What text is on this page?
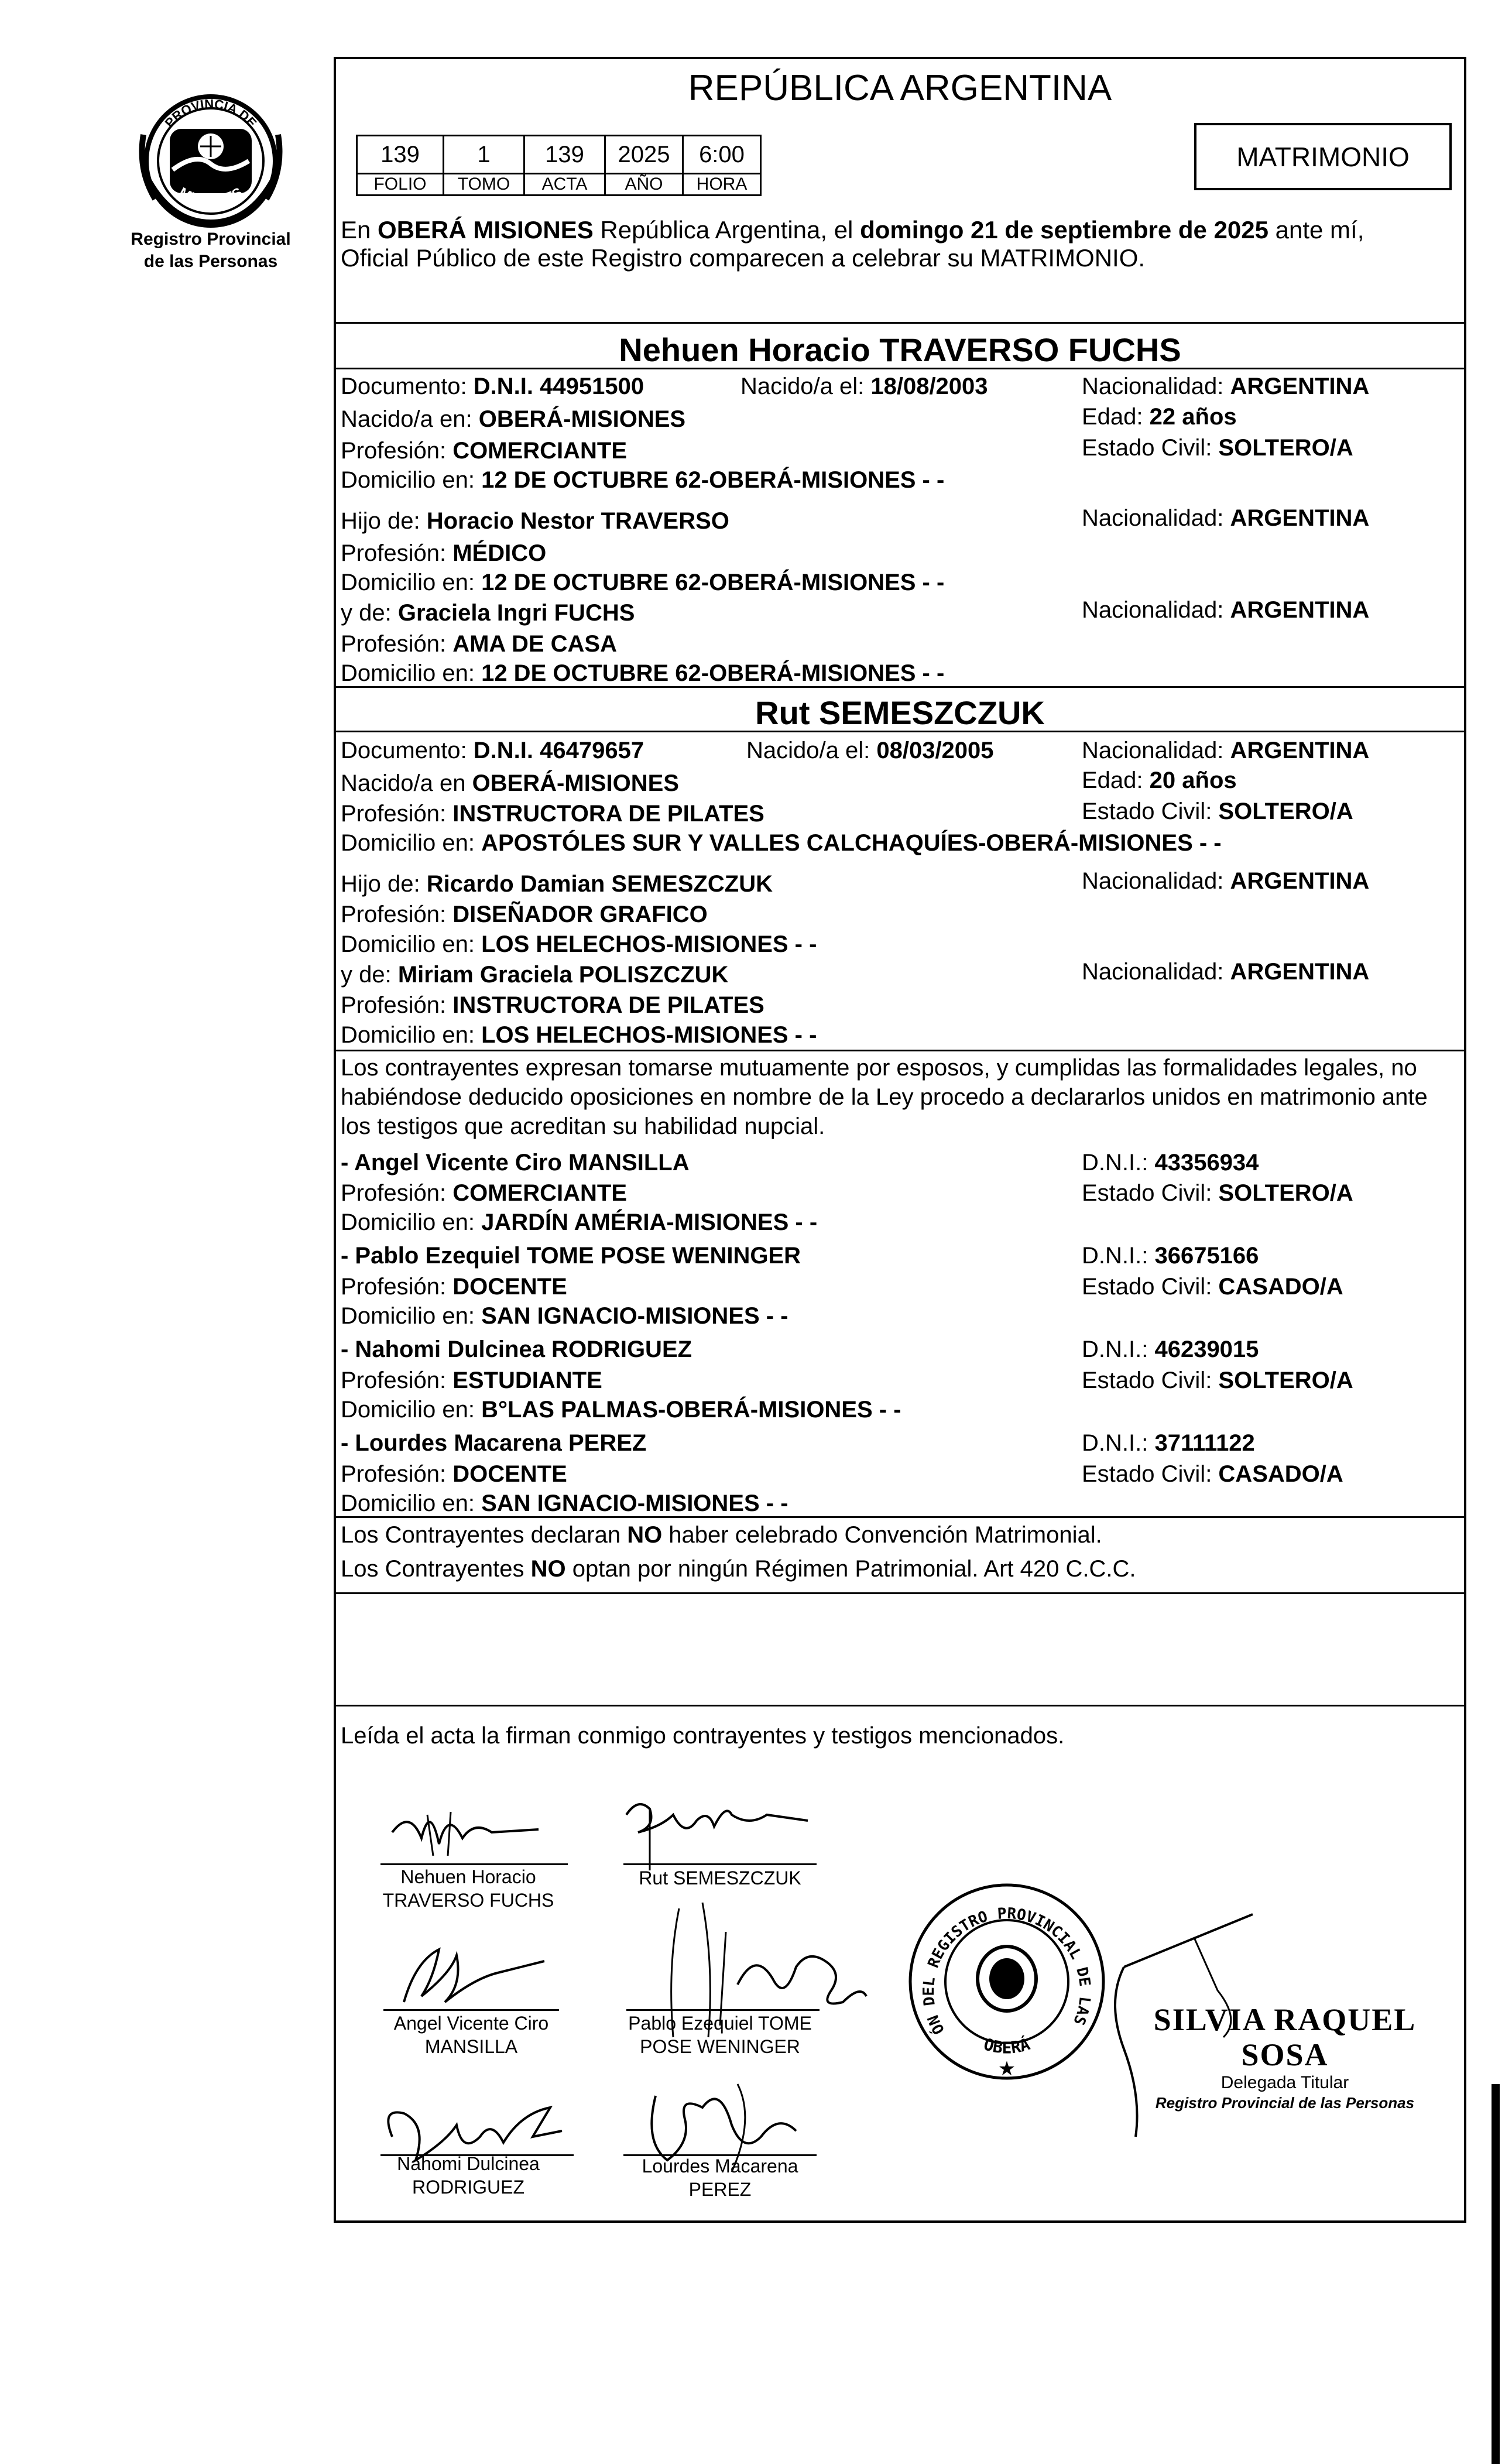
PROVINCIA DE
MISIONES
Registro Provincial
de las Personas
REPÚBLICA ARGENTINA
139	1	139	2025	6:00
FOLIO	TOMO	ACTA	AÑO	HORA
MATRIMONIO
En OBERÁ MISIONES República Argentina, el domingo 21 de septiembre de 2025 ante mí,
Oficial Público de este Registro comparecen a celebrar su MATRIMONIO.
Nehuen Horacio TRAVERSO FUCHS
Documento: D.N.I. 44951500	Nacido/a el: 18/08/2003	Nacionalidad: ARGENTINA
Nacido/a en: OBERÁ-MISIONES	Edad: 22 años
Profesión: COMERCIANTE	Estado Civil: SOLTERO/A
Domicilio en: 12 DE OCTUBRE 62-OBERÁ-MISIONES - -
Hijo de: Horacio Nestor TRAVERSO	Nacionalidad: ARGENTINA
Profesión: MÉDICO
Domicilio en: 12 DE OCTUBRE 62-OBERÁ-MISIONES - -
y de: Graciela Ingri FUCHS	Nacionalidad: ARGENTINA
Profesión: AMA DE CASA
Domicilio en: 12 DE OCTUBRE 62-OBERÁ-MISIONES - -
Rut SEMESZCZUK
Documento: D.N.I. 46479657	Nacido/a el: 08/03/2005	Nacionalidad: ARGENTINA
Nacido/a en OBERÁ-MISIONES	Edad: 20 años
Profesión: INSTRUCTORA DE PILATES	Estado Civil: SOLTERO/A
Domicilio en: APOSTÓLES SUR Y VALLES CALCHAQUÍES-OBERÁ-MISIONES - -
Hijo de: Ricardo Damian SEMESZCZUK	Nacionalidad: ARGENTINA
Profesión: DISEÑADOR GRAFICO
Domicilio en: LOS HELECHOS-MISIONES - -
y de: Miriam Graciela POLISZCZUK	Nacionalidad: ARGENTINA
Profesión: INSTRUCTORA DE PILATES
Domicilio en: LOS HELECHOS-MISIONES - -
Los contrayentes expresan tomarse mutuamente por esposos, y cumplidas las formalidades legales, no
habiéndose deducido oposiciones en nombre de la Ley procedo a declararlos unidos en matrimonio ante
los testigos que acreditan su habilidad nupcial.
- Angel Vicente Ciro MANSILLA	D.N.I.: 43356934
Profesión: COMERCIANTE	Estado Civil: SOLTERO/A
Domicilio en: JARDÍN AMÉRIA-MISIONES - -
- Pablo Ezequiel TOME POSE WENINGER	D.N.I.: 36675166
Profesión: DOCENTE	Estado Civil: CASADO/A
Domicilio en: SAN IGNACIO-MISIONES - -
- Nahomi Dulcinea RODRIGUEZ	D.N.I.: 46239015
Profesión: ESTUDIANTE	Estado Civil: SOLTERO/A
Domicilio en: B°LAS PALMAS-OBERÁ-MISIONES - -
- Lourdes Macarena PEREZ	D.N.I.: 37111122
Profesión: DOCENTE	Estado Civil: CASADO/A
Domicilio en: SAN IGNACIO-MISIONES - -
Los Contrayentes declaran NO haber celebrado Convención Matrimonial.
Los Contrayentes NO optan por ningún Régimen Patrimonial. Art 420 C.C.C.
Leída el acta la firman conmigo contrayentes y testigos mencionados.
Nehuen Horacio
TRAVERSO FUCHS
Rut SEMESZCZUK
Angel Vicente Ciro
MANSILLA
Pablo Ezequiel TOME
POSE WENINGER
Nahomi Dulcinea
RODRIGUEZ
Lourdes Macarena PEREZ
DELEGACIÓN DEL REGISTRO PROVINCIAL DE LAS PERSONAS
OBERÁ
★
SILVIA RAQUEL SOSA
Delegada Titular
Registro Provincial de las Personas
